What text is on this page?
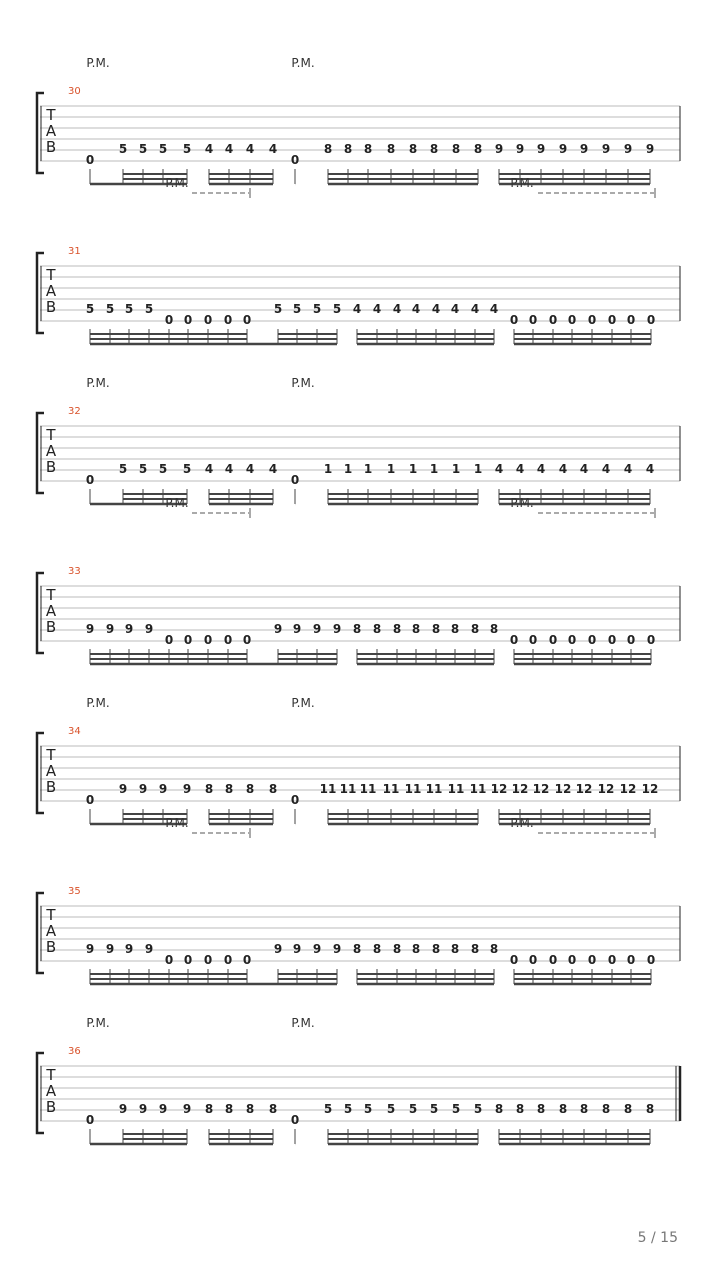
P.M.	P.M.
30
T
A
B
0
5 5 5 5 4 4 4 4
0
8 8 8 8 8 8 8 8 9 9 9 9 9 9 9 9
P.M.	P.M.
31
T
A
B 5 5 5 5
0 0 0 0 0
5 5 5 5 4 4 4 4 4 4 4 4
0 0 0 0 0 0 0 0
P.M.	P.M.
32
T
A
B
0
5 5 5 5 4 4 4 4
0
1 1 1 1 1 1 1 1 4 4 4 4 4 4 4 4
P.M.	P.M.
33
T
A
B 9 9 9 9
0 0 0 0 0
9 9 9 9 8 8 8 8 8 8 8 8
0 0 0 0 0 0 0 0
P.M.	P.M.
34
T
A
B
0
9 9 9 9 8 8 8 8
0
11 11 11 11 11 11 11 11 12 12 12 12 12 12 12 12
P.M.	P.M.
35
T
A
B 9 9 9 9
0 0 0 0 0
9 9 9 9 8 8 8 8 8 8 8 8
0 0 0 0 0 0 0 0
P.M.	P.M.
36
T
A
B
0
9 9 9 9 8 8 8 8
0
5 5 5 5 5 5 5 5 8 8 8 8 8 8 8 8
5 / 15
